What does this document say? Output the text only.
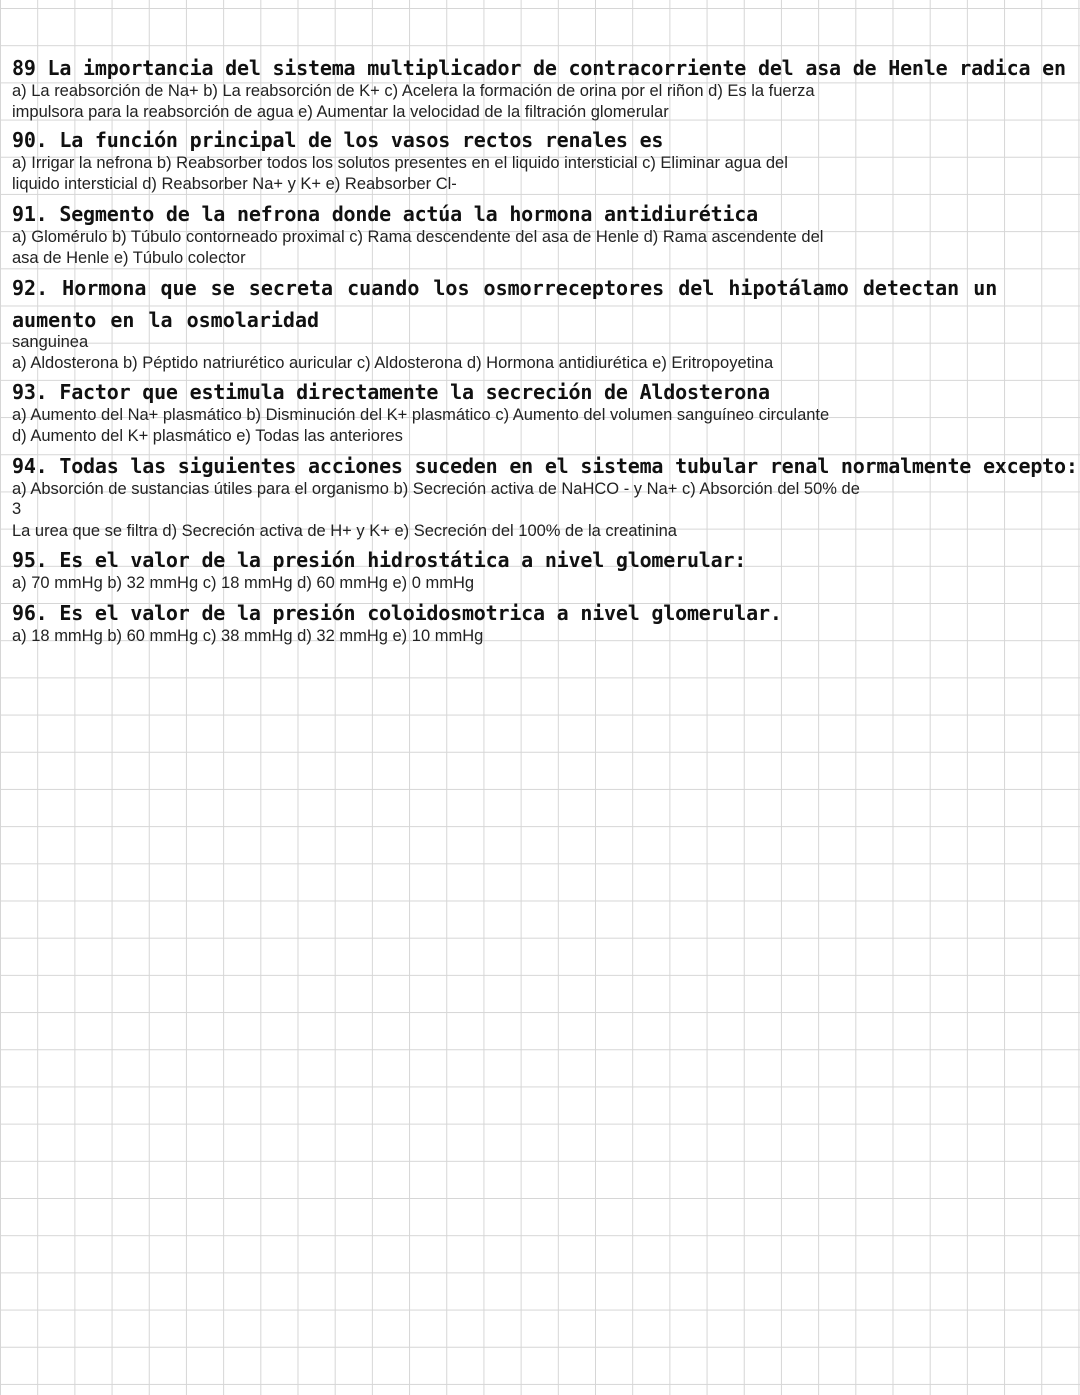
89 La importancia del sistema multiplicador de contracorriente del asa de Henle radica en
a) La reabsorción de Na+ b) La reabsorción de K+ c) Acelera la formación de orina por el riñon d) Es la fuerza
impulsora para la reabsorción de agua e) Aumentar la velocidad de la filtración glomerular
90. La función principal de los vasos rectos renales es
a) Irrigar la nefrona b) Reabsorber todos los solutos presentes en el liquido intersticial c) Eliminar agua del
liquido intersticial d) Reabsorber Na+ y K+ e) Reabsorber Cl-
91. Segmento de la nefrona donde actúa la hormona antidiurética
a) Glomérulo b) Túbulo contorneado proximal c) Rama descendente del asa de Henle d) Rama ascendente del
asa de Henle e) Túbulo colector
92. Hormona que se secreta cuando los osmorreceptores del hipotálamo detectan un aumento en la osmolaridad
sanguinea
a) Aldosterona b) Péptido natriurético auricular c) Aldosterona d) Hormona antidiurética e) Eritropoyetina
93. Factor que estimula directamente la secreción de Aldosterona
a) Aumento del Na+ plasmático b) Disminución del K+ plasmático c) Aumento del volumen sanguíneo circulante
d) Aumento del K+ plasmático e) Todas las anteriores
94. Todas las siguientes acciones suceden en el sistema tubular renal normalmente excepto:
a) Absorción de sustancias útiles para el organismo b) Secreción activa de NaHCO - y Na+ c) Absorción del 50% de
3
La urea que se filtra d) Secreción activa de H+ y K+ e) Secreción del 100% de la creatinina
95. Es el valor de la presión hidrostática a nivel glomerular:
a) 70 mmHg b) 32 mmHg c) 18 mmHg d) 60 mmHg e) 0 mmHg
96. Es el valor de la presión coloidosmotrica a nivel glomerular.
a) 18 mmHg b) 60 mmHg c) 38 mmHg d) 32 mmHg e) 10 mmHg
